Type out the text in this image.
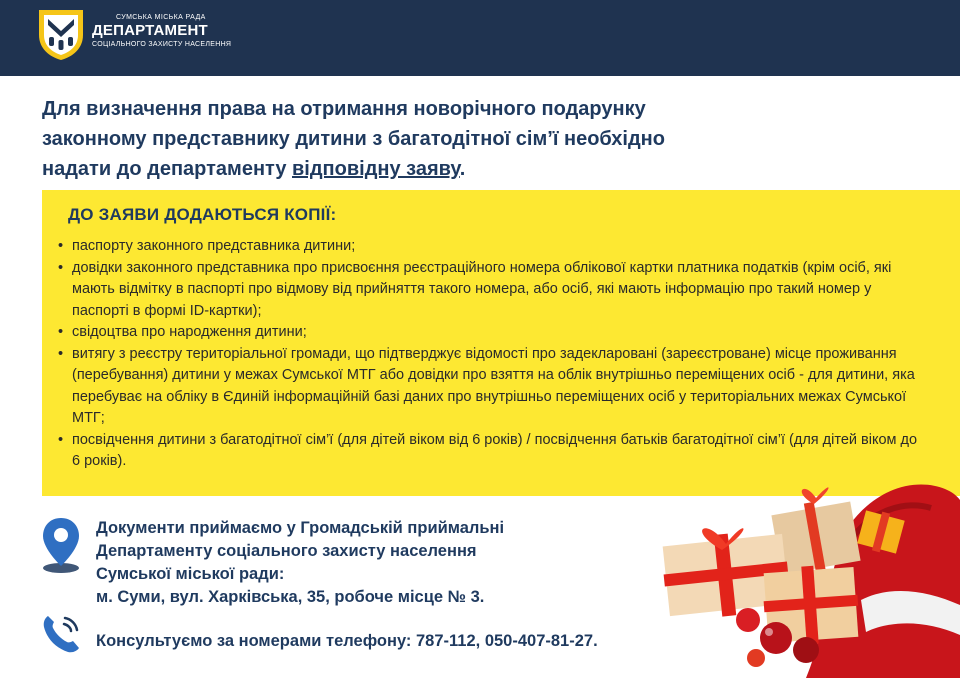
СУМСЬКА МІСЬКА РАДА
ДЕПАРТАМЕНТ
СОЦІАЛЬНОГО ЗАХИСТУ НАСЕЛЕННЯ
Для визначення права на отримання новорічного подарунку
законному представнику дитини з багатодітної сім’ї необхідно
надати до департаменту відповідну заяву.
ДО ЗАЯВИ ДОДАЮТЬСЯ КОПІЇ:
• паспорту законного представника дитини;
• довідки законного представника про присвоєння реєстраційного номера облікової картки платника податків (крім осіб, які мають відмітку в паспорті про відмову від прийняття такого номера, або осіб, які мають інформацію про такий номер у паспорті в формі ID-картки);
• свідоцтва про народження дитини;
• витягу з реєстру територіальної громади, що підтверджує відомості про задекларовані (зареєстроване) місце проживання (перебування) дитини у межах Сумської МТГ або довідки про взяття на облік внутрішньо переміщених осіб - для дитини, яка перебуває на обліку в Єдиній інформаційній базі даних про внутрішньо переміщених осіб у територіальних межах Сумської МТГ;
• посвідчення дитини з багатодітної сім’ї (для дітей віком від 6 років) / посвідчення батьків багатодітної сім’ї (для дітей віком до 6 років).
Документи приймаємо у Громадській приймальні
Департаменту соціального захисту населення
Сумської міської ради:
м. Суми, вул. Харківська, 35, робоче місце № 3.
Консультуємо за номерами телефону: 787-112, 050-407-81-27.
